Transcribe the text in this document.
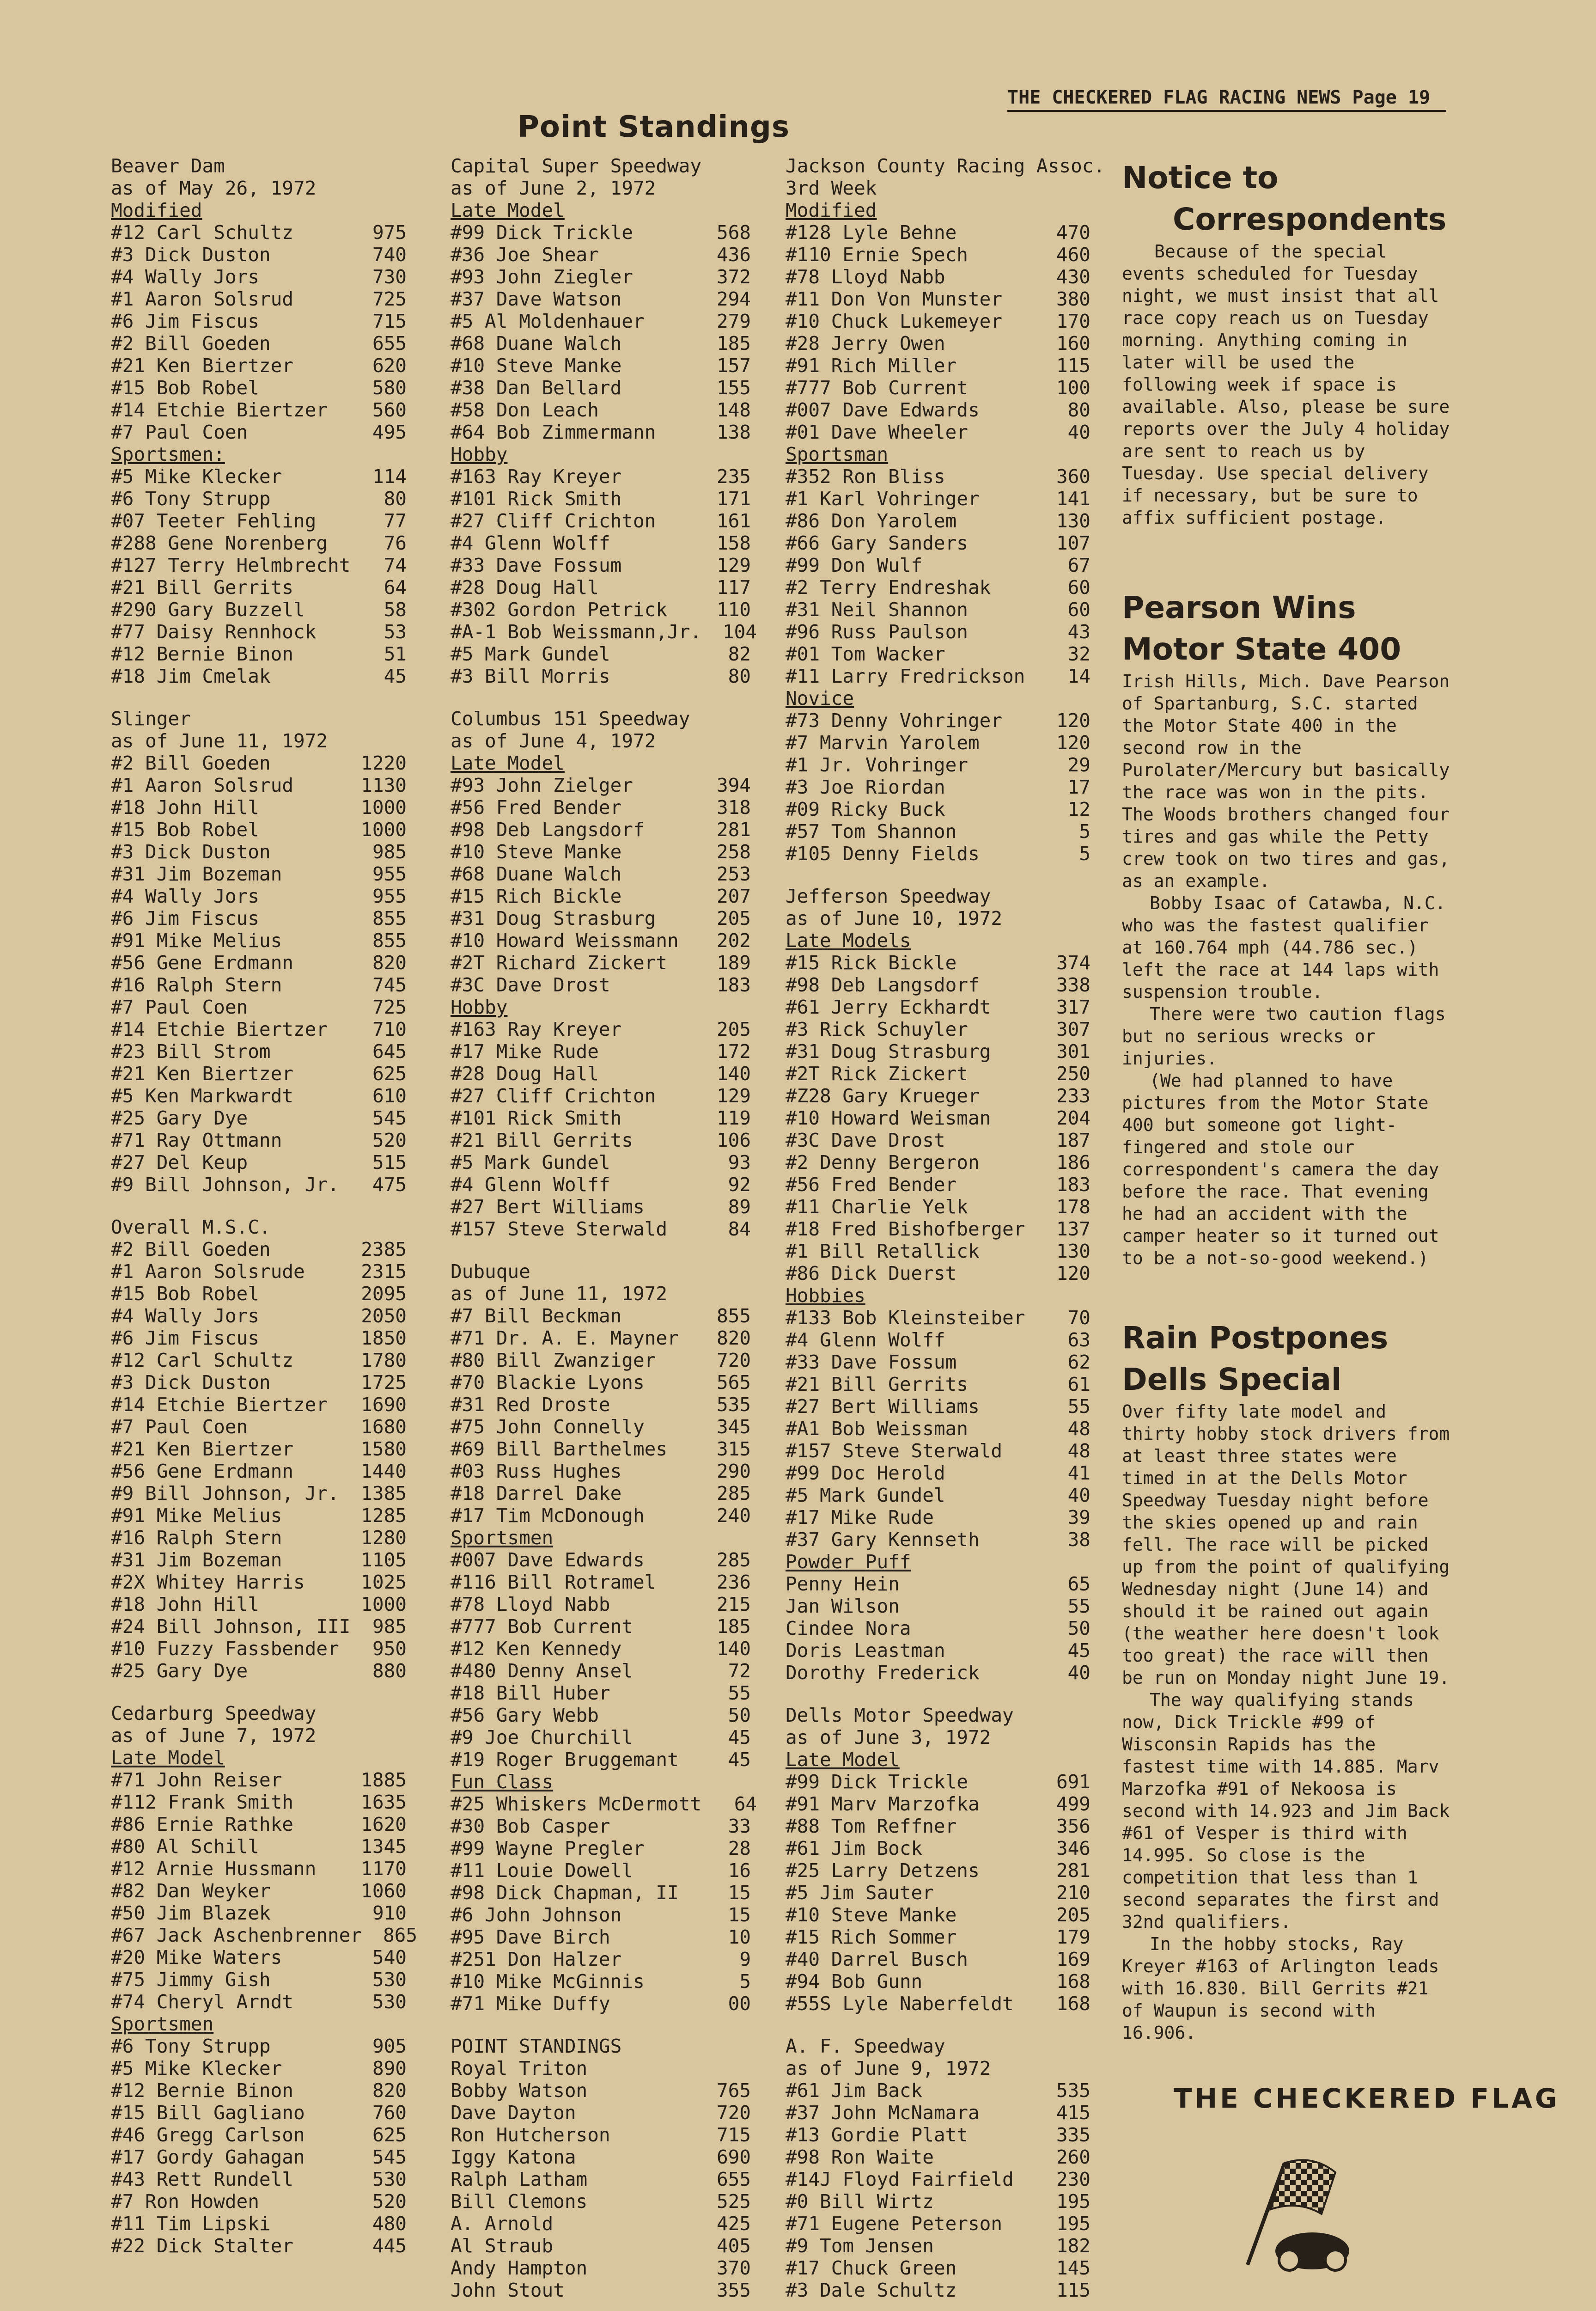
THE CHECKERED FLAG RACING NEWS Page 19
Point Standings
Beaver Dam
as of May 26, 1972
Modified
#12 Carl Schultz	975
#3 Dick Duston	740
#4 Wally Jors	730
#1 Aaron Solsrud	725
#6 Jim Fiscus	715
#2 Bill Goeden	655
#21 Ken Biertzer	620
#15 Bob Robel	580
#14 Etchie Biertzer	560
#7 Paul Coen	495
Sportsmen:
#5 Mike Klecker	114
#6 Tony Strupp	80
#07 Teeter Fehling	77
#288 Gene Norenberg	76
#127 Terry Helmbrecht	74
#21 Bill Gerrits	64
#290 Gary Buzzell	58
#77 Daisy Rennhock	53
#12 Bernie Binon	51
#18 Jim Cmelak	45
Slinger
as of June 11, 1972
#2 Bill Goeden	1220
#1 Aaron Solsrud	1130
#18 John Hill	1000
#15 Bob Robel	1000
#3 Dick Duston	985
#31 Jim Bozeman	955
#4 Wally Jors	955
#6 Jim Fiscus	855
#91 Mike Melius	855
#56 Gene Erdmann	820
#16 Ralph Stern	745
#7 Paul Coen	725
#14 Etchie Biertzer	710
#23 Bill Strom	645
#21 Ken Biertzer	625
#5 Ken Markwardt	610
#25 Gary Dye	545
#71 Ray Ottmann	520
#27 Del Keup	515
#9 Bill Johnson, Jr.	475
Overall M.S.C.
#2 Bill Goeden	2385
#1 Aaron Solsrude	2315
#15 Bob Robel	2095
#4 Wally Jors	2050
#6 Jim Fiscus	1850
#12 Carl Schultz	1780
#3 Dick Duston	1725
#14 Etchie Biertzer	1690
#7 Paul Coen	1680
#21 Ken Biertzer	1580
#56 Gene Erdmann	1440
#9 Bill Johnson, Jr.	1385
#91 Mike Melius	1285
#16 Ralph Stern	1280
#31 Jim Bozeman	1105
#2X Whitey Harris	1025
#18 John Hill	1000
#24 Bill Johnson, III	985
#10 Fuzzy Fassbender	950
#25 Gary Dye	880
Cedarburg Speedway
as of June 7, 1972
Late Model
#71 John Reiser	1885
#112 Frank Smith	1635
#86 Ernie Rathke	1620
#80 Al Schill	1345
#12 Arnie Hussmann	1170
#82 Dan Weyker	1060
#50 Jim Blazek	910
#67 Jack Aschenbrenner	865
#20 Mike Waters	540
#75 Jimmy Gish	530
#74 Cheryl Arndt	530
Sportsmen
#6 Tony Strupp	905
#5 Mike Klecker	890
#12 Bernie Binon	820
#15 Bill Gagliano	760
#46 Gregg Carlson	625
#17 Gordy Gahagan	545
#43 Rett Rundell	530
#7 Ron Howden	520
#11 Tim Lipski	480
#22 Dick Stalter	445
Capital Super Speedway
as of June 2, 1972
Late Model
#99 Dick Trickle	568
#36 Joe Shear	436
#93 John Ziegler	372
#37 Dave Watson	294
#5 Al Moldenhauer	279
#68 Duane Walch	185
#10 Steve Manke	157
#38 Dan Bellard	155
#58 Don Leach	148
#64 Bob Zimmermann	138
Hobby
#163 Ray Kreyer	235
#101 Rick Smith	171
#27 Cliff Crichton	161
#4 Glenn Wolff	158
#33 Dave Fossum	129
#28 Doug Hall	117
#302 Gordon Petrick	110
#A-1 Bob Weissmann,Jr.	104
#5 Mark Gundel	82
#3 Bill Morris	80
Columbus 151 Speedway
as of June 4, 1972
Late Model
#93 John Zielger	394
#56 Fred Bender	318
#98 Deb Langsdorf	281
#10 Steve Manke	258
#68 Duane Walch	253
#15 Rich Bickle	207
#31 Doug Strasburg	205
#10 Howard Weissmann	202
#2T Richard Zickert	189
#3C Dave Drost	183
Hobby
#163 Ray Kreyer	205
#17 Mike Rude	172
#28 Doug Hall	140
#27 Cliff Crichton	129
#101 Rick Smith	119
#21 Bill Gerrits	106
#5 Mark Gundel	93
#4 Glenn Wolff	92
#27 Bert Williams	89
#157 Steve Sterwald	84
Dubuque
as of June 11, 1972
#7 Bill Beckman	855
#71 Dr. A. E. Mayner	820
#80 Bill Zwanziger	720
#70 Blackie Lyons	565
#31 Red Droste	535
#75 John Connelly	345
#69 Bill Barthelmes	315
#03 Russ Hughes	290
#18 Darrel Dake	285
#17 Tim McDonough	240
Sportsmen
#007 Dave Edwards	285
#116 Bill Rotramel	236
#78 Lloyd Nabb	215
#777 Bob Current	185
#12 Ken Kennedy	140
#480 Denny Ansel	72
#18 Bill Huber	55
#56 Gary Webb	50
#9 Joe Churchill	45
#19 Roger Bruggemant	45
Fun Class
#25 Whiskers McDermott	64
#30 Bob Casper	33
#99 Wayne Pregler	28
#11 Louie Dowell	16
#98 Dick Chapman, II	15
#6 John Johnson	15
#95 Dave Birch	10
#251 Don Halzer	9
#10 Mike McGinnis	5
#71 Mike Duffy	00
POINT STANDINGS
Royal Triton
Bobby Watson	765
Dave Dayton	720
Ron Hutcherson	715
Iggy Katona	690
Ralph Latham	655
Bill Clemons	525
A. Arnold	425
Al Straub	405
Andy Hampton	370
John Stout	355
Jackson County Racing Assoc.
3rd Week
Modified
#128 Lyle Behne	470
#110 Ernie Spech	460
#78 Lloyd Nabb	430
#11 Don Von Munster	380
#10 Chuck Lukemeyer	170
#28 Jerry Owen	160
#91 Rich Miller	115
#777 Bob Current	100
#007 Dave Edwards	80
#01 Dave Wheeler	40
Sportsman
#352 Ron Bliss	360
#1 Karl Vohringer	141
#86 Don Yarolem	130
#66 Gary Sanders	107
#99 Don Wulf	67
#2 Terry Endreshak	60
#31 Neil Shannon	60
#96 Russ Paulson	43
#01 Tom Wacker	32
#11 Larry Fredrickson	14
Novice
#73 Denny Vohringer	120
#7 Marvin Yarolem	120
#1 Jr. Vohringer	29
#3 Joe Riordan	17
#09 Ricky Buck	12
#57 Tom Shannon	5
#105 Denny Fields	5
Jefferson Speedway
as of June 10, 1972
Late Models
#15 Rick Bickle	374
#98 Deb Langsdorf	338
#61 Jerry Eckhardt	317
#3 Rick Schuyler	307
#31 Doug Strasburg	301
#2T Rick Zickert	250
#Z28 Gary Krueger	233
#10 Howard Weisman	204
#3C Dave Drost	187
#2 Denny Bergeron	186
#56 Fred Bender	183
#11 Charlie Yelk	178
#18 Fred Bishofberger	137
#1 Bill Retallick	130
#86 Dick Duerst	120
Hobbies
#133 Bob Kleinsteiber	70
#4 Glenn Wolff	63
#33 Dave Fossum	62
#21 Bill Gerrits	61
#27 Bert Williams	55
#A1 Bob Weissman	48
#157 Steve Sterwald	48
#99 Doc Herold	41
#5 Mark Gundel	40
#17 Mike Rude	39
#37 Gary Kennseth	38
Powder Puff
Penny Hein	65
Jan Wilson	55
Cindee Nora	50
Doris Leastman	45
Dorothy Frederick	40
Dells Motor Speedway
as of June 3, 1972
Late Model
#99 Dick Trickle	691
#91 Marv Marzofka	499
#88 Tom Reffner	356
#61 Jim Bock	346
#25 Larry Detzens	281
#5 Jim Sauter	210
#10 Steve Manke	205
#15 Rich Sommer	179
#40 Darrel Busch	169
#94 Bob Gunn	168
#55S Lyle Naberfeldt	168
A. F. Speedway
as of June 9, 1972
#61 Jim Back	535
#37 John McNamara	415
#13 Gordie Platt	335
#98 Ron Waite	260
#14J Floyd Fairfield	230
#0 Bill Wirtz	195
#71 Eugene Peterson	195
#9 Tom Jensen	182
#17 Chuck Green	145
#3 Dale Schultz	115
Notice to
Correspondents

Because of the special events scheduled for Tuesday night, we must insist that all race copy reach us on Tuesday morning. Anything coming in later will be used the following week if space is available. Also, please be sure reports over the July 4 holiday are sent to reach us by Tuesday. Use special delivery if necessary, but be sure to affix sufficient postage.

Pearson Wins
Motor State 400

Irish Hills, Mich. Dave Pearson of Spartanburg, S.C. started the Motor State 400 in the second row in the Purolater/Mercury but basically the race was won in the pits. The Woods brothers changed four tires and gas while the Petty crew took on two tires and gas, as an example.

Bobby Isaac of Catawba, N.C. who was the fastest qualifier at 160.764 mph (44.786 sec.) left the race at 144 laps with suspension trouble.

There were two caution flags but no serious wrecks or injuries.

(We had planned to have pictures from the Motor State 400 but someone got light-fingered and stole our correspondent's camera the day before the race. That evening he had an accident with the camper heater so it turned out to be a not-so-good weekend.)

Rain Postpones
Dells Special

Over fifty late model and thirty hobby stock drivers from at least three states were timed in at the Dells Motor Speedway Tuesday night before the skies opened up and rain fell. The race will be picked up from the point of qualifying Wednesday night (June 14) and should it be rained out again (the weather here doesn't look too great) the race will then be run on Monday night June 19.

The way qualifying stands now, Dick Trickle #99 of Wisconsin Rapids has the fastest time with 14.885. Marv Marzofka #91 of Nekoosa is second with 14.923 and Jim Back #61 of Vesper is third with 14.995. So close is the competition that less than 1 second separates the first and 32nd qualifiers.

In the hobby stocks, Ray Kreyer #163 of Arlington leads with 16.830. Bill Gerrits #21 of Waupun is second with 16.906.

THE CHECKERED FLAG
